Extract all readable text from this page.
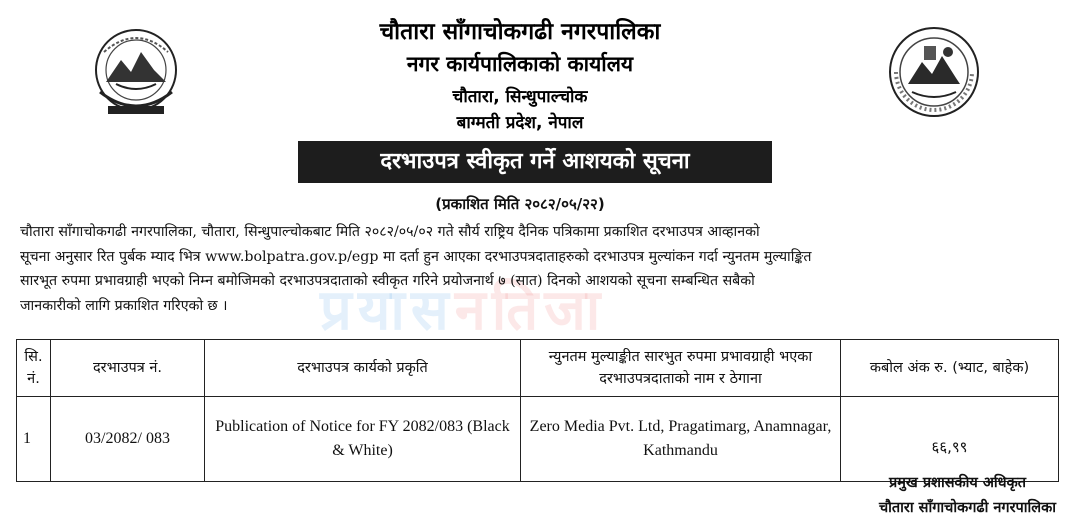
चौतारा साँगाचोकगढी नगरपालिका
नगर कार्यपालिकाको कार्यालय
चौतारा, सिन्धुपाल्चोक
बाग्मती प्रदेश, नेपाल
दरभाउपत्र स्वीकृत गर्ने आशयको सूचना
(प्रकाशित मिति २०८२/०५/२२)
प्रयासनतिजा
चौतारा साँगाचोकगढी नगरपालिका, चौतारा, सिन्धुपाल्चोकबाट मिति २०८२/०५/०२ गते सौर्य राष्ट्रिय दैनिक पत्रिकामा प्रकाशित दरभाउपत्र आव्हानको
सूचना अनुसार रित पुर्बक म्याद भित्र www.bolpatra.gov.p/egp मा दर्ता हुन आएका दरभाउपत्रदाताहरुको दरभाउपत्र मुल्यांकन गर्दा न्युनतम मुल्याङ्कित
सारभूत रुपमा प्रभावग्राही भएको निम्न बमोजिमको दरभाउपत्रदाताको स्वीकृत गरिने प्रयोजनार्थ ७ (सात) दिनको आशयको सूचना सम्बन्धित सबैको
जानकारीको लागि प्रकाशित गरिएको छ ।
सि. नं.	दरभाउपत्र नं.	दरभाउपत्र कार्यको प्रकृति	न्युनतम मुल्याङ्कीत सारभुत रुपमा प्रभावग्राही भएका दरभाउपत्रदाताको नाम र ठेगाना	कबोल अंक रु. (भ्याट, बाहेक)
1	03/2082/ 083	Publication of Notice for FY 2082/083 (Black & White)	Zero Media Pvt. Ltd, Pragatimarg, Anamnagar, Kathmandu	६६,९९
प्रमुख प्रशासकीय अधिकृत
चौतारा साँगाचोकगढी नगरपालिका
